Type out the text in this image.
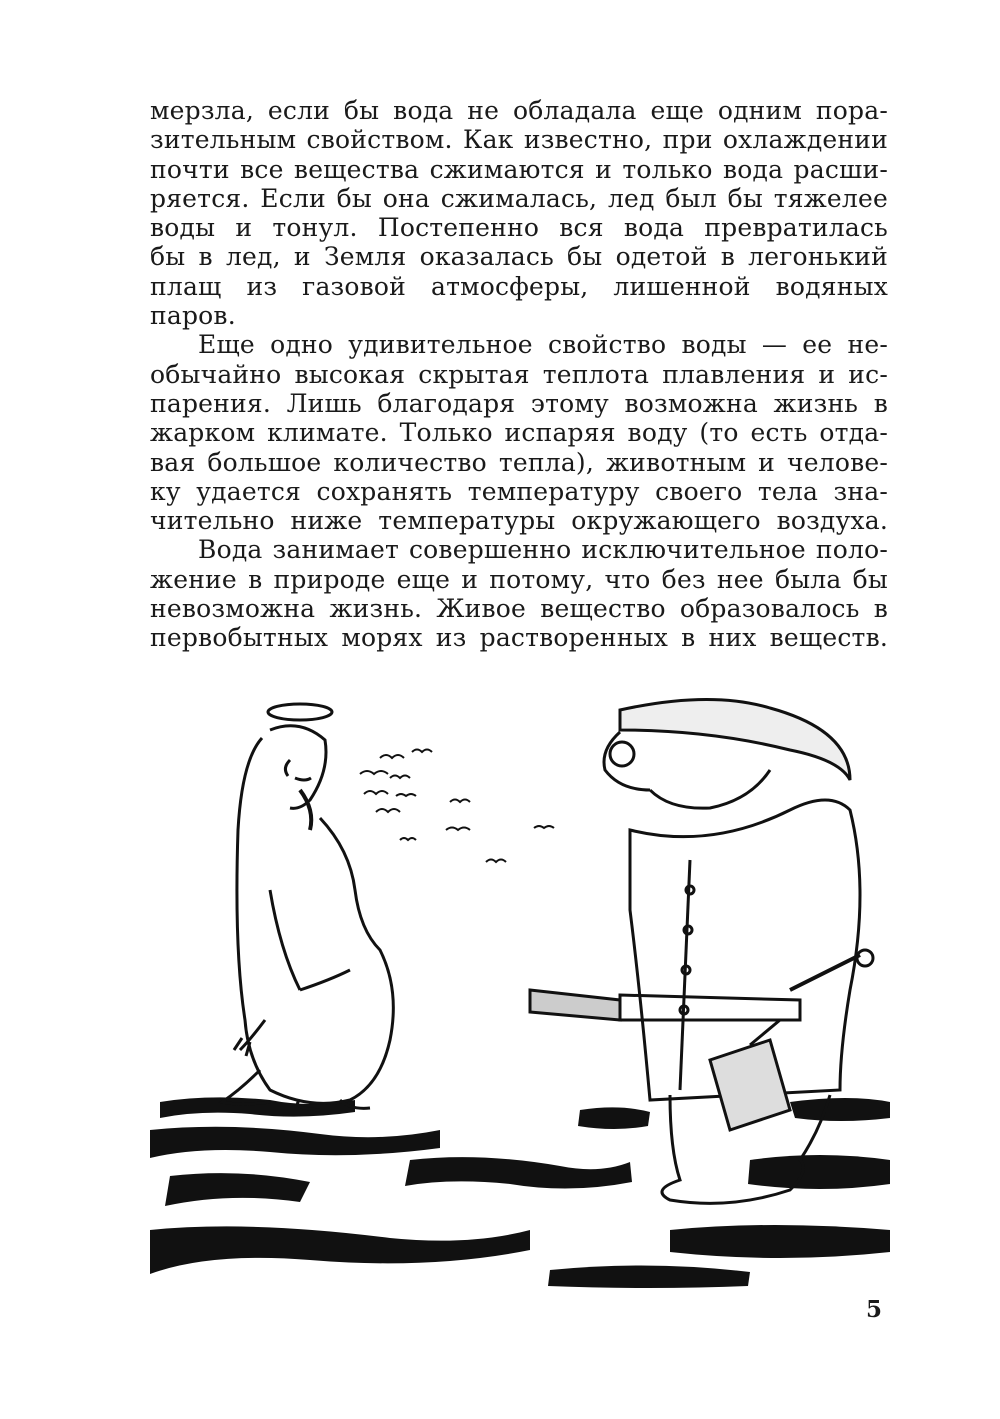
мерзла, если бы вода не обладала еще одним пора-
зительным свойством. Как известно, при охлаждении
почти все вещества сжимаются и только вода расши-
ряется. Если бы она сжималась, лед был бы тяжелее
воды и тонул. Постепенно вся вода превратилась
бы в лед, и Земля оказалась бы одетой в легонький
плащ из газовой атмосферы, лишенной водяных
паров.
Еще одно удивительное свойство воды — ее не-
обычайно высокая скрытая теплота плавления и ис-
парения. Лишь благодаря этому возможна жизнь в
жарком климате. Только испаряя воду (то есть отда-
вая большое количество тепла), животным и челове-
ку удается сохранять температуру своего тела зна-
чительно ниже температуры окружающего воздуха.
Вода занимает совершенно исключительное поло-
жение в природе еще и потому, что без нее была бы
невозможна жизнь. Живое вещество образовалось в
первобытных морях из растворенных в них веществ.
5
